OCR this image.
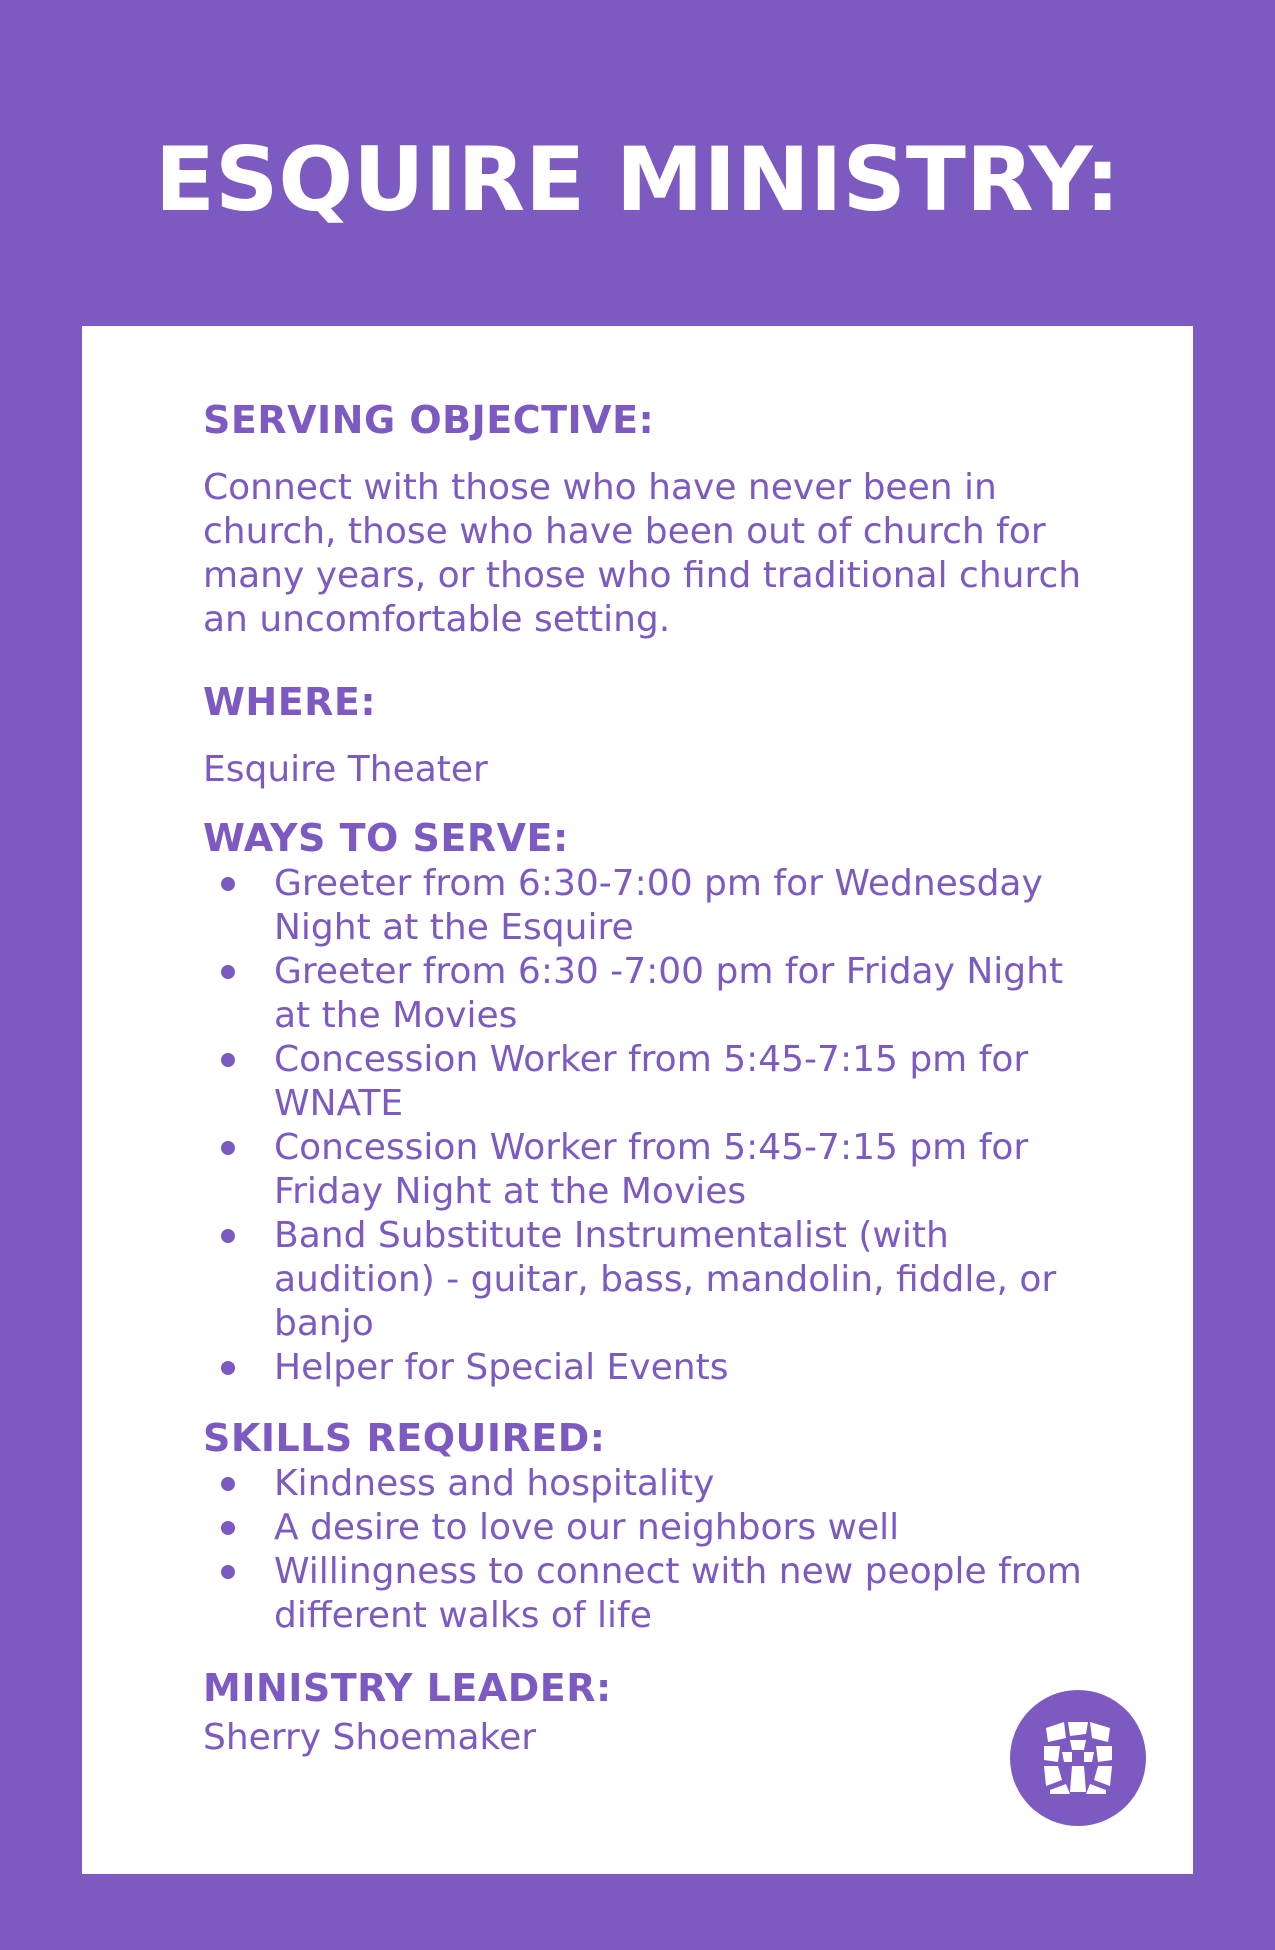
ESQUIRE MINISTRY:
SERVING OBJECTIVE:

Connect with those who have never been in church, those who have been out of church for many years, or those who find traditional church an uncomfortable setting.

WHERE:

Esquire Theater

WAYS TO SERVE:
Greeter from 6:30-7:00 pm for Wednesday Night at the Esquire
Greeter from 6:30 -7:00 pm for Friday Night at the Movies
Concession Worker from 5:45-7:15 pm for WNATE
Concession Worker from 5:45-7:15 pm for Friday Night at the Movies
Band Substitute Instrumentalist (with audition) - guitar, bass, mandolin, fiddle, or banjo
Helper for Special Events
SKILLS REQUIRED:
Kindness and hospitality
A desire to love our neighbors well
Willingness to connect with new people from different walks of life
MINISTRY LEADER:

Sherry Shoemaker
